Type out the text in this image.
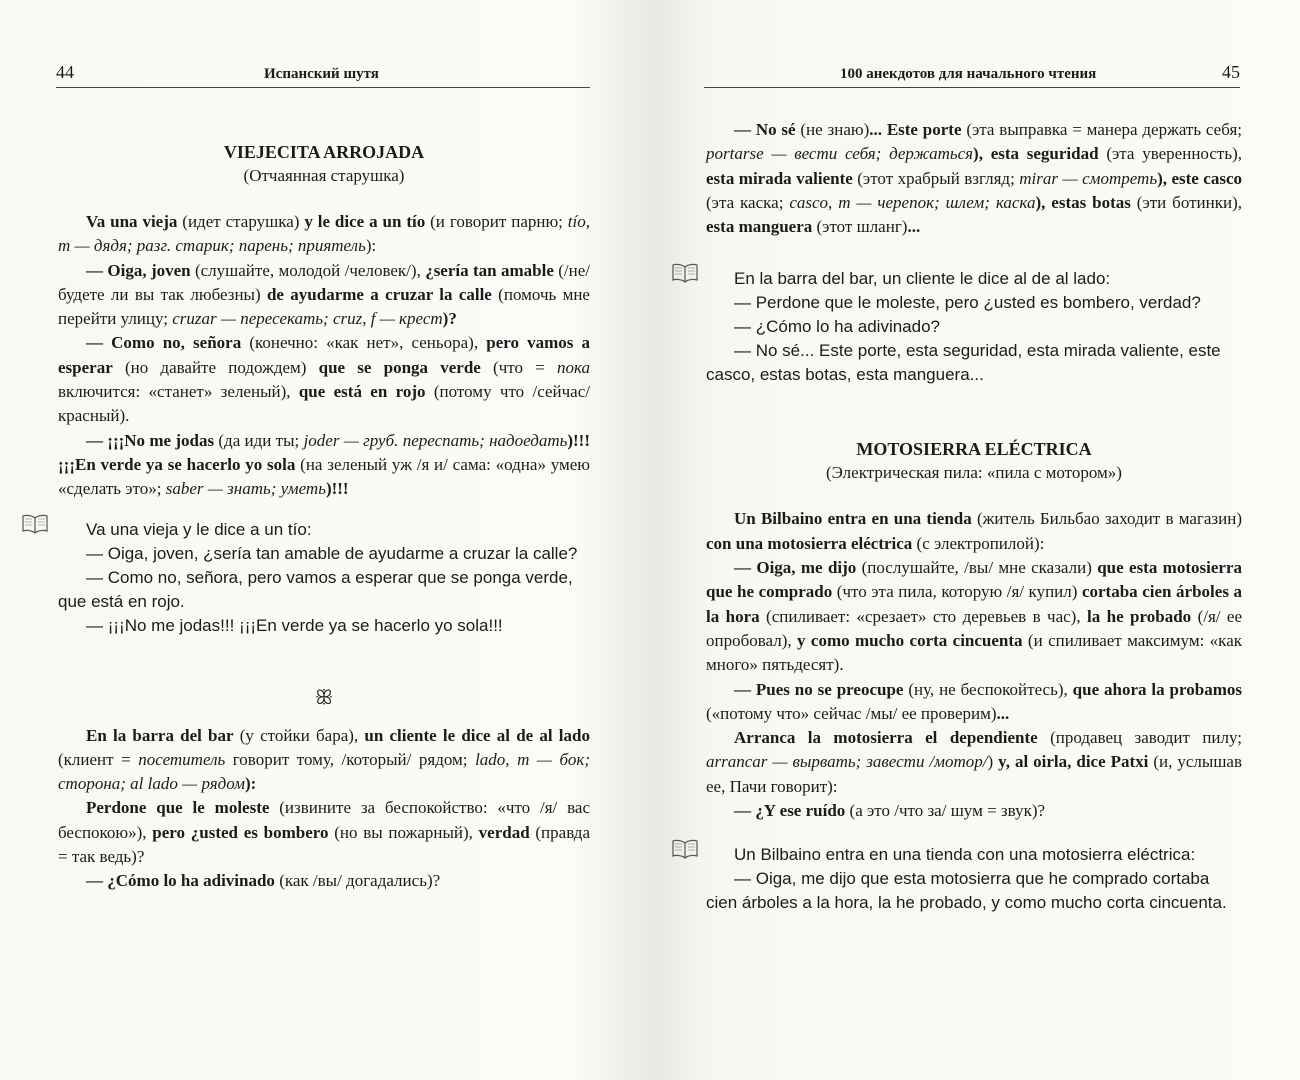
44	Испанский шутя
VIEJECITA ARROJADA
(Отчаянная старушка)

Va una vieja (идет старушка) y le dice a un tío (и говорит парню; tío, m — дядя; разг. старик; парень; приятель):

— Oiga, joven (слушайте, молодой /человек/), ¿sería tan amable (/не/ будете ли вы так любезны) de ayudarme a cruzar la calle (помочь мне перейти улицу; cruzar — пересекать; cruz, f — крест)?

— Como no, señora (конечно: «как нет», сеньора), pero vamos a esperar (но давайте подождем) que se ponga verde (что = пока включится: «станет» зеленый), que está en rojo (потому что /сейчас/ красный).

— ¡¡¡No me jodas (да иди ты; joder — груб. переспать; надоедать)!!! ¡¡¡En verde ya se hacerlo yo sola (на зеленый уж /я и/ сама: «одна» умею «сделать это»; saber — знать; уметь)!!!

Va una vieja y le dice a un tío:

— Oiga, joven, ¿sería tan amable de ayudarme a cruzar la calle?

— Como no, señora, pero vamos a esperar que se ponga verde, que está en rojo.

— ¡¡¡No me jodas!!! ¡¡¡En verde ya se hacerlo yo sola!!!

ꕥ

En la barra del bar (у стойки бара), un cliente le dice al de al lado (клиент = посетитель говорит тому, /который/ рядом; lado, m — бок; сторона; al lado — рядом):

Perdone que le moleste (извините за беспокойство: «что /я/ вас беспокою»), pero ¿usted es bombero (но вы пожарный), verdad (правда = так ведь)?

— ¿Cómo lo ha adivinado (как /вы/ догадались)?

100 анекдотов для начального чтения	45

— No sé (не знаю)... Este porte (эта выправка = манера держать себя; portarse — вести себя; держаться), esta seguridad (эта уверенность), esta mirada valiente (этот храбрый взгляд; mirar — смотреть), este casco (эта каска; casco, m — черепок; шлем; каска), estas botas (эти ботинки), esta manguera (этот шланг)...

En la barra del bar, un cliente le dice al de al lado:

— Perdone que le moleste, pero ¿usted es bombero, verdad?

— ¿Cómo lo ha adivinado?

— No sé... Este porte, esta seguridad, esta mirada valiente, este casco, estas botas, esta manguera...

MOTOSIERRA ELÉCTRICA
(Электрическая пила: «пила с мотором»)

Un Bilbaino entra en una tienda (житель Бильбао заходит в магазин) con una motosierra eléctrica (с электропилой):

— Oiga, me dijo (послушайте, /вы/ мне сказали) que esta motosierra que he comprado (что эта пила, которую /я/ купил) cortaba cien árboles a la hora (спиливает: «срезает» сто деревьев в час), la he probado (/я/ ее опробовал), y como mucho corta cincuenta (и спиливает максимум: «как много» пятьдесят).

— Pues no se preocupe (ну, не беспокойтесь), que ahora la probamos («потому что» сейчас /мы/ ее проверим)...

Arranca la motosierra el dependiente (продавец заводит пилу; arrancar — вырвать; завести /мотор/) y, al oirla, dice Patxi (и, услышав ее, Пачи говорит):

— ¿Y ese ruído (а это /что за/ шум = звук)?

Un Bilbaino entra en una tienda con una motosierra eléctrica:

— Oiga, me dijo que esta motosierra que he comprado cortaba cien árboles a la hora, la he probado, y como mucho corta cincuenta.
